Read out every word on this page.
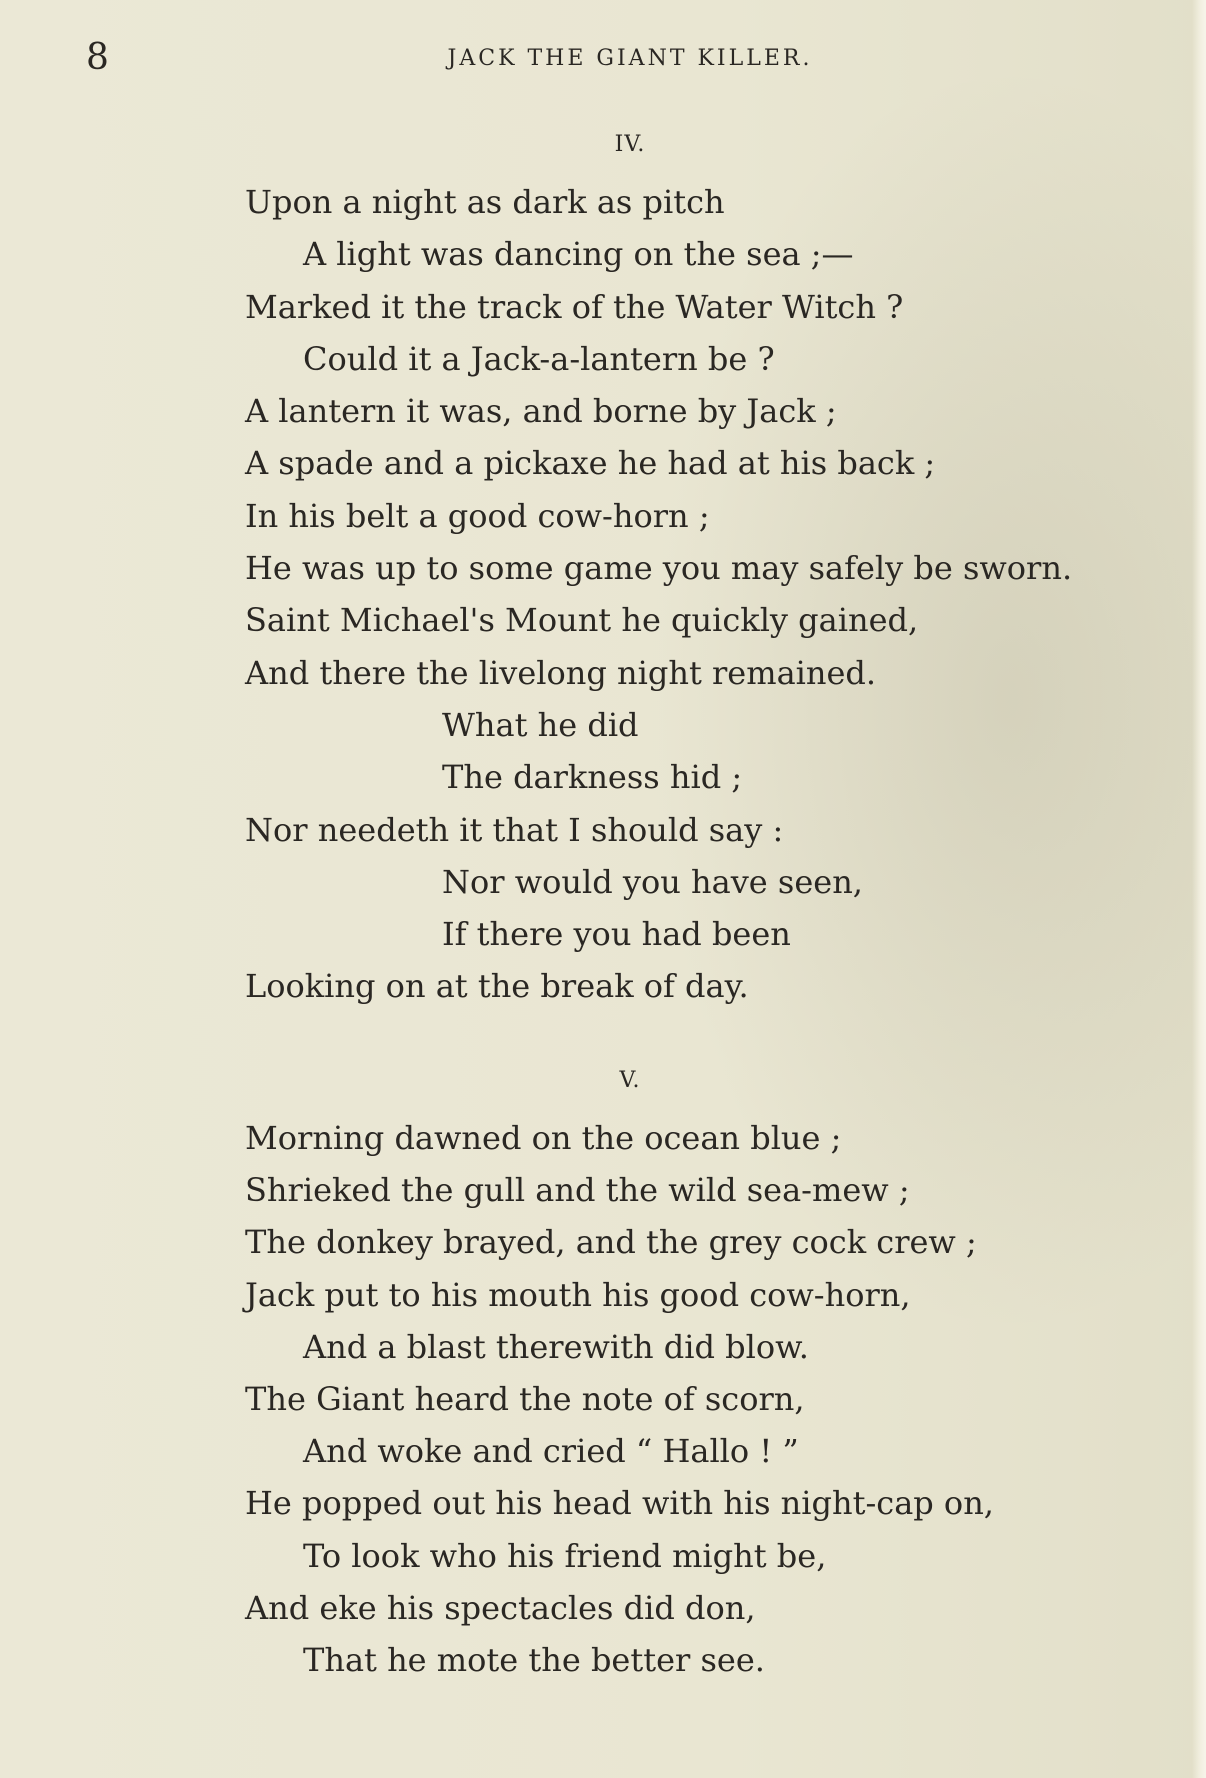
8	JACK THE GIANT KILLER.
IV.
Upon a night as dark as pitch
A light was dancing on the sea ;—
Marked it the track of the Water Witch ?
Could it a Jack-a-lantern be ?
A lantern it was, and borne by Jack ;
A spade and a pickaxe he had at his back ;
In his belt a good cow-horn ;
He was up to some game you may safely be sworn.
Saint Michael's Mount he quickly gained,
And there the livelong night remained.
What he did
The darkness hid ;
Nor needeth it that I should say :
Nor would you have seen,
If there you had been
Looking on at the break of day.
V.
Morning dawned on the ocean blue ;
Shrieked the gull and the wild sea-mew ;
The donkey brayed, and the grey cock crew ;
Jack put to his mouth his good cow-horn,
And a blast therewith did blow.
The Giant heard the note of scorn,
And woke and cried “ Hallo ! ”
He popped out his head with his night-cap on,
To look who his friend might be,
And eke his spectacles did don,
That he mote the better see.
